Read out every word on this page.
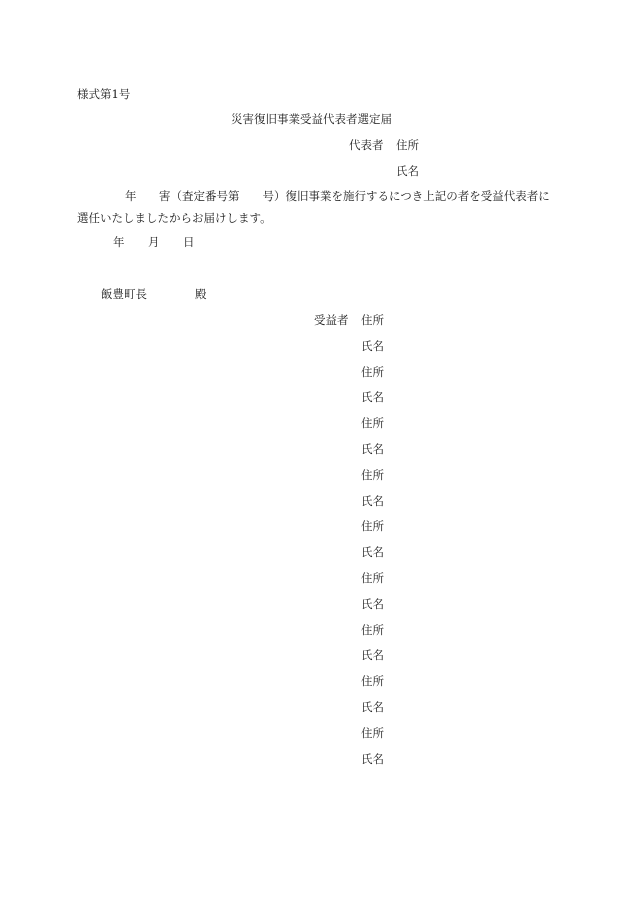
様式第1号
災害復旧事業受益代表者選定届
代表者 住所
氏名
年 害（査定番号第　　号）復旧事業を施行するにつき上記の者を受益代表者に
選任いたしましたからお届けします。
年 月 日
飯豊町長	殿
受益者 住所
氏名
住所
氏名
住所
氏名
住所
氏名
住所
氏名
住所
氏名
住所
氏名
住所
氏名
住所
氏名
